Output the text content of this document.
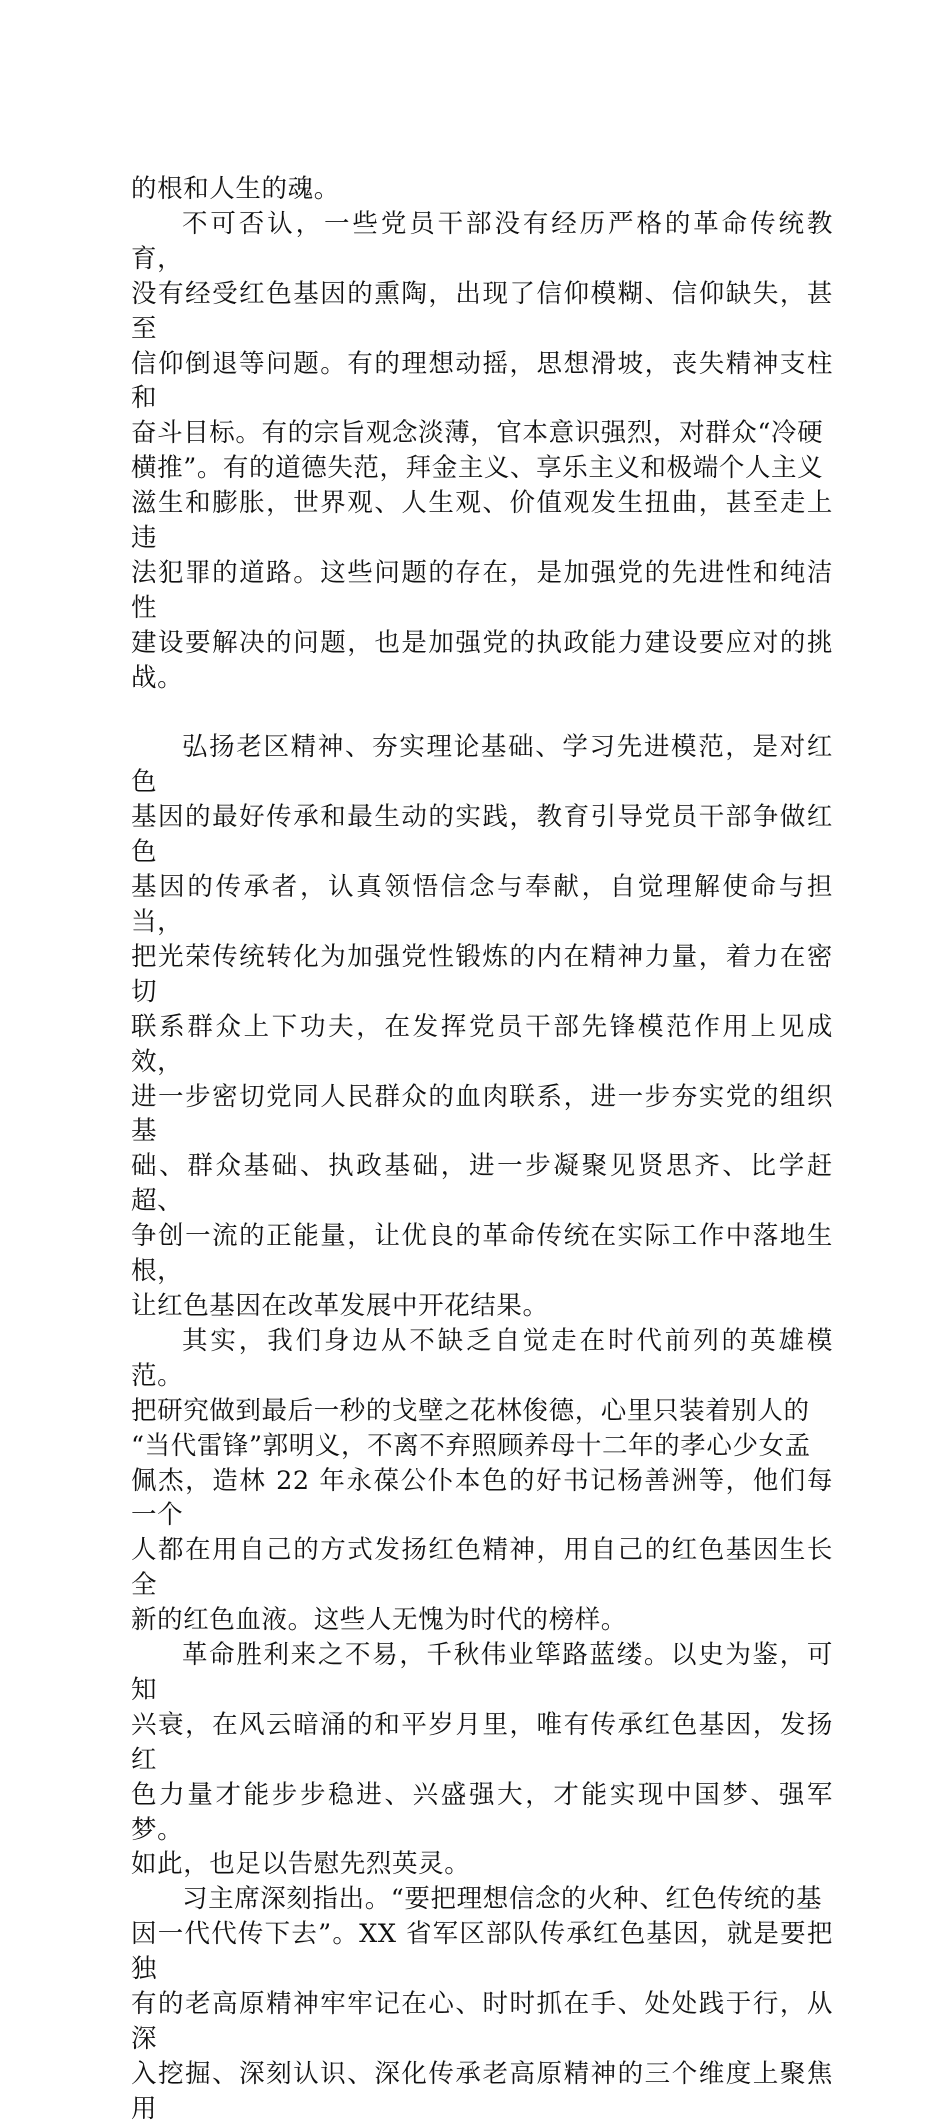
的根和人生的魂。

不可否认，一些党员干部没有经历严格的革命传统教育，
没有经受红色基因的熏陶，出现了信仰模糊、信仰缺失，甚至
信仰倒退等问题。有的理想动摇，思想滑坡，丧失精神支柱和
奋斗目标。有的宗旨观念淡薄，官本意识强烈，对群众“冷硬
横推”。有的道德失范，拜金主义、享乐主义和极端个人主义
滋生和膨胀，世界观、人生观、价值观发生扭曲，甚至走上违
法犯罪的道路。这些问题的存在，是加强党的先进性和纯洁性
建设要解决的问题，也是加强党的执政能力建设要应对的挑战。

弘扬老区精神、夯实理论基础、学习先进模范，是对红色
基因的最好传承和最生动的实践，教育引导党员干部争做红色
基因的传承者，认真领悟信念与奉献，自觉理解使命与担当，
把光荣传统转化为加强党性锻炼的内在精神力量，着力在密切
联系群众上下功夫，在发挥党员干部先锋模范作用上见成效，
进一步密切党同人民群众的血肉联系，进一步夯实党的组织基
础、群众基础、执政基础，进一步凝聚见贤思齐、比学赶超、
争创一流的正能量，让优良的革命传统在实际工作中落地生根，
让红色基因在改革发展中开花结果。

其实，我们身边从不缺乏自觉走在时代前列的英雄模范。
把研究做到最后一秒的戈壁之花林俊德，心里只装着别人的
“当代雷锋”郭明义，不离不弃照顾养母十二年的孝心少女孟
佩杰，造林 22 年永葆公仆本色的好书记杨善洲等，他们每一个
人都在用自己的方式发扬红色精神，用自己的红色基因生长全
新的红色血液。这些人无愧为时代的榜样。

革命胜利来之不易，千秋伟业筚路蓝缕。以史为鉴，可知
兴衰，在风云暗涌的和平岁月里，唯有传承红色基因，发扬红
色力量才能步步稳进、兴盛强大，才能实现中国梦、强军梦。
如此，也足以告慰先烈英灵。

习主席深刻指出。“要把理想信念的火种、红色传统的基
因一代代传下去”。XX 省军区部队传承红色基因，就是要把独
有的老高原精神牢牢记在心、时时抓在手、处处践于行，从深
入挖掘、深刻认识、深化传承老高原精神的三个维度上聚焦用
